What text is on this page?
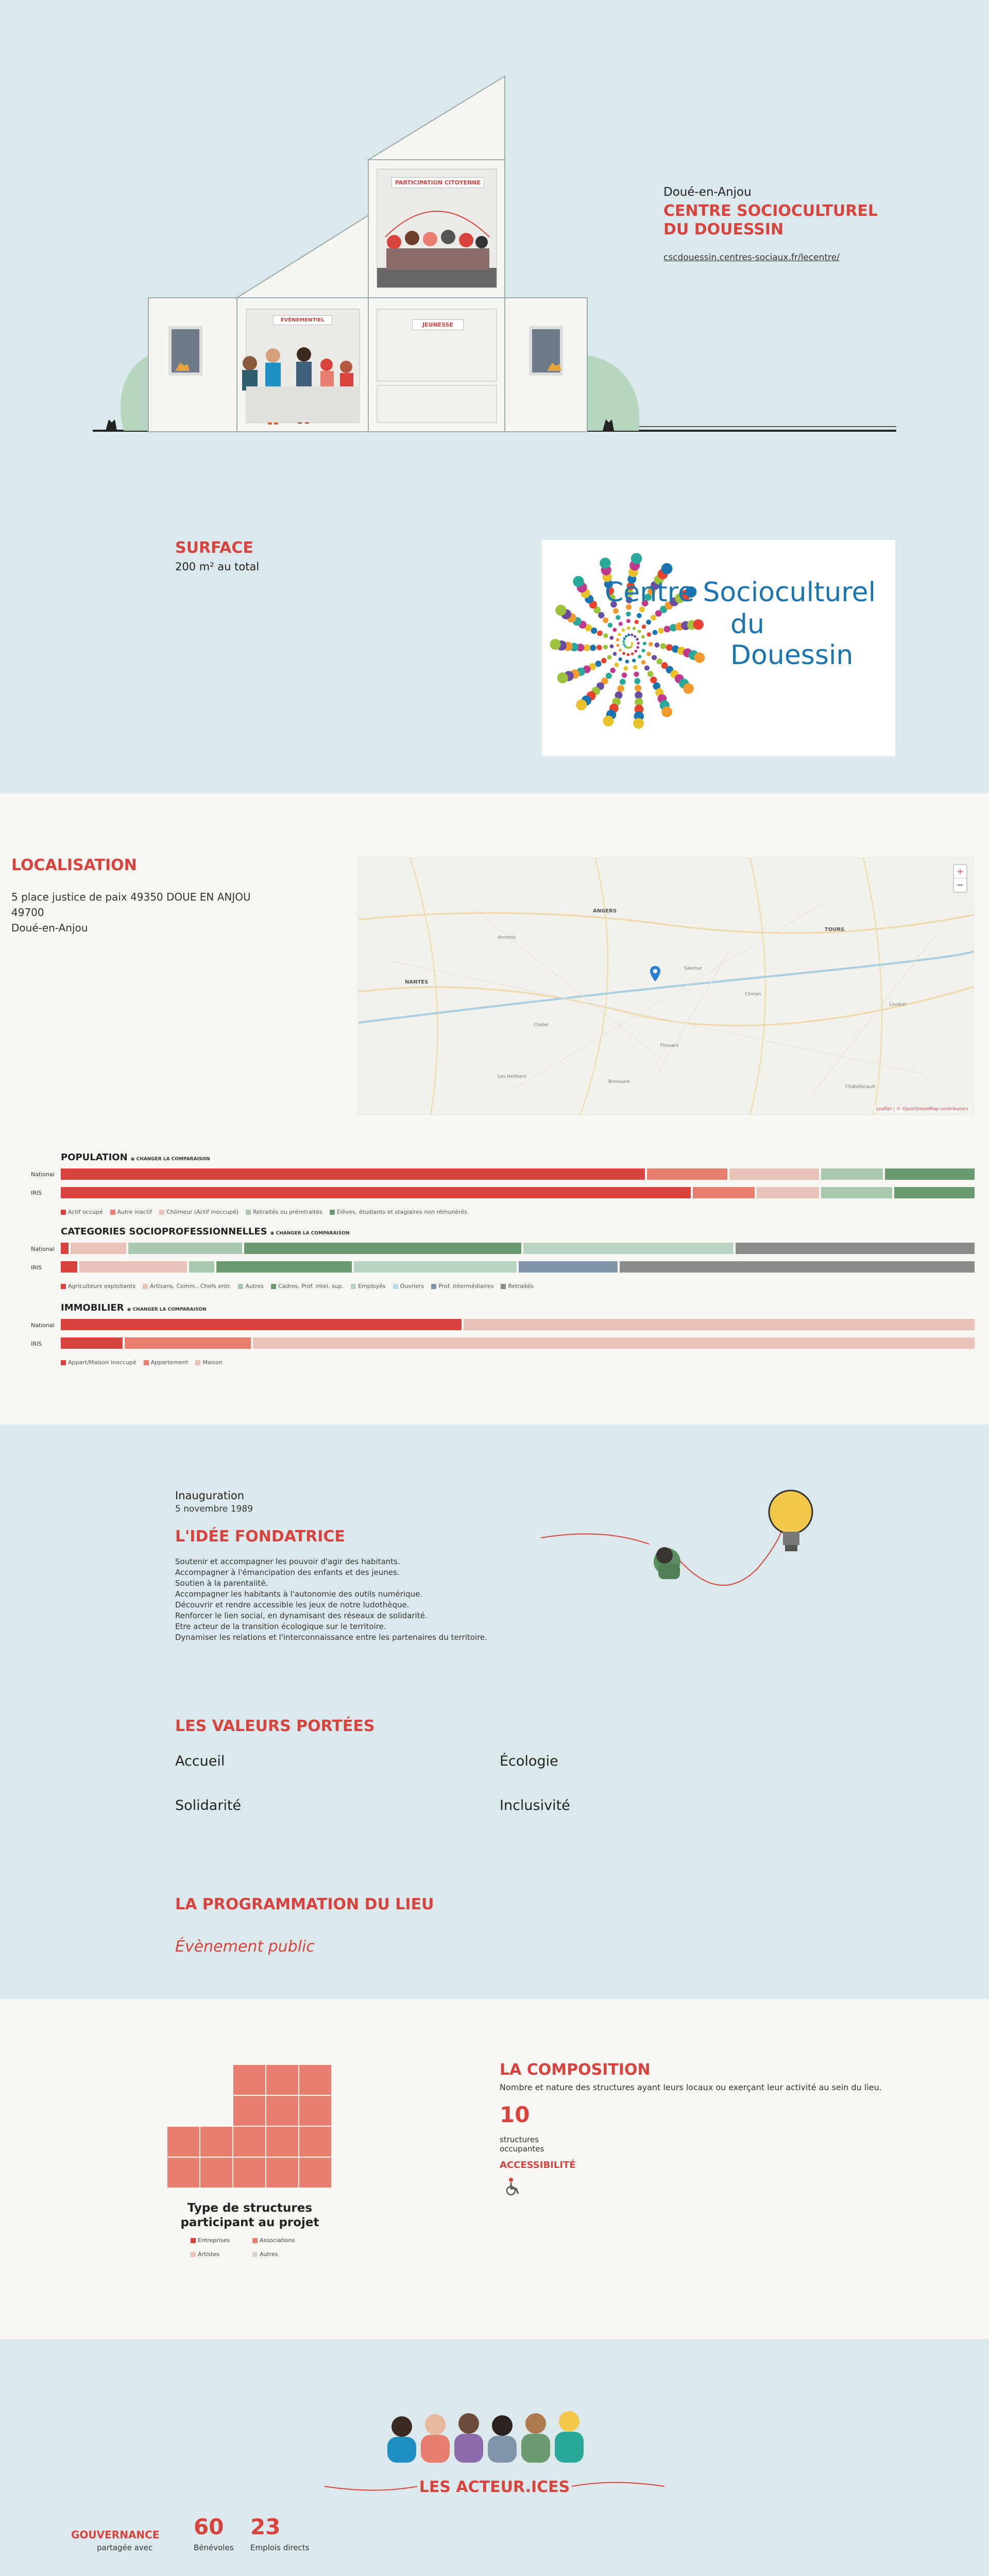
PARTICIPATION CITOYENNE
ÉVÈNEMENTIEL
JEUNESSE
Doué-en-Anjou
CENTRE SOCIOCULTUREL
DU DOUESSIN
cscdouessin.centres-sociaux.fr/lecentre/
SURFACE
200 m² au total
Centre Socioculturel
du Douessin
LOCALISATION
5 place justice de paix 49350 DOUE EN ANJOU
49700
Doué-en-Anjou
ANGERS
TOURS
NANTES
Saumur
Cholet
Chinon
Thouars
Bressuire
Ancenis
Loudun
Les Herbiers
Châtellerault
+
−
Leaflet | © OpenStreetMap contributors
POPULATION ◉ CHANGER LA COMPARAISON
National
IRIS
Actif occupé	Autre inactif	Chômeur (Actif inoccupé)	Retraités ou préretraités	Elèves, étudiants et stagiaires non rémunérés
CATEGORIES SOCIOPROFESSIONNELLES ◉ CHANGER LA COMPARAISON
National
IRIS
Agriculteurs exploitants	Artisans, Comm., Chefs entr.	Autres	Cadres, Prof. intel. sup.	Employés	Ouvriers	Prof. intermédiaires	Retraités
IMMOBILIER ◉ CHANGER LA COMPARAISON
National
IRIS
Appart/Maison inoccupé	Appartement	Maison
Inauguration
5 novembre 1989
L'IDÉE FONDATRICE
Soutenir et accompagner les pouvoir d'agir des habitants.
Accompagner à l'émancipation des enfants et des jeunes.
Soutien à la parentalité.
Accompagner les habitants à l'autonomie des outils numérique.
Découvrir et rendre accessible les jeux de notre ludothèque.
Renforcer le lien social, en dynamisant des réseaux de solidarité.
Etre acteur de la transition écologique sur le territoire.
Dynamiser les relations et l'interconnaissance entre les partenaires du territoire.
LES VALEURS PORTÉES
Accueil	Écologie
Solidarité	Inclusivité
LA PROGRAMMATION DU LIEU
Évènement public
Type de structures
participant au projet
Entreprises	Associations
Artistes	Autres
LA COMPOSITION
Nombre et nature des structures ayant leurs locaux ou exerçant leur activité au sein du lieu.
10
structures
occupantes
ACCESSIBILITÉ
LES ACTEUR.ICES
GOUVERNANCE
partagée avec
60
Bénévoles
23
Emplois directs
